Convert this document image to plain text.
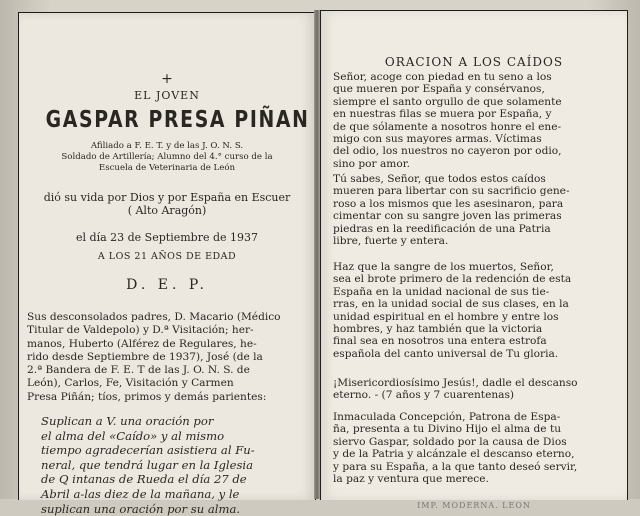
+
EL JOVEN
GASPAR PRESA PIÑAN
Afiliado a F. E. T. y de las J. O. N. S.
Soldado de Artillería; Alumno del 4.° curso de la
Escuela de Veterinaria de León
dió su vida por Dios y por España en Escuer
( Alto Aragón)
el día 23 de Septiembre de 1937
A LOS 21 AÑOS DE EDAD
D. E. P.
Sus desconsolados padres, D. Macario (Médico
Titular de Valdepolo) y D.ª Visitación; her-
manos, Huberto (Alférez de Regulares, he-
rido desde Septiembre de 1937), José (de la
2.ª Bandera de F. E. T de las J. O. N. S. de
León), Carlos, Fe, Visitación y Carmen
Presa Piñán; tíos, primos y demás parientes:
Suplican a V. una oración por
el alma del «Caído» y al mismo
tiempo agradecerían asistiera al Fu-
neral, que tendrá lugar en la Iglesia
de Q intanas de Rueda el día 27 de
Abril a-las diez de la mañana, y le
suplican una oración por su alma.
ORACION A LOS CAÍDOS
Señor, acoge con piedad en tu seno a los
que mueren por España y consérvanos,
siempre el santo orgullo de que solamente
en nuestras filas se muera por España, y
de que sólamente a nosotros honre el ene-
migo con sus mayores armas. Víctimas
del odio, los nuestros no cayeron por odio,
sino por amor.
Tú sabes, Señor, que todos estos caídos
mueren para libertar con su sacrificio gene-
roso a los mismos que les asesinaron, para
cimentar con su sangre joven las primeras
piedras en la reedificación de una Patria
libre, fuerte y entera.
Haz que la sangre de los muertos, Señor,
sea el brote primero de la redención de esta
España en la unidad nacional de sus tie-
rras, en la unidad social de sus clases, en la
unidad espiritual en el hombre y entre los
hombres, y haz también que la victoria
final sea en nosotros una entera estrofa
española del canto universal de Tu gloria.
¡Misericordiosísimo Jesús!, dadle el descanso
eterno. - (7 años y 7 cuarentenas)
Inmaculada Concepción, Patrona de Espa-
ña, presenta a tu Divino Hijo el alma de tu
siervo Gaspar, soldado por la causa de Dios
y de la Patria y alcánzale el descanso eterno,
y para su España, a la que tanto deseó servir,
la paz y ventura que merece.
IMP. MODERNA. LEON
